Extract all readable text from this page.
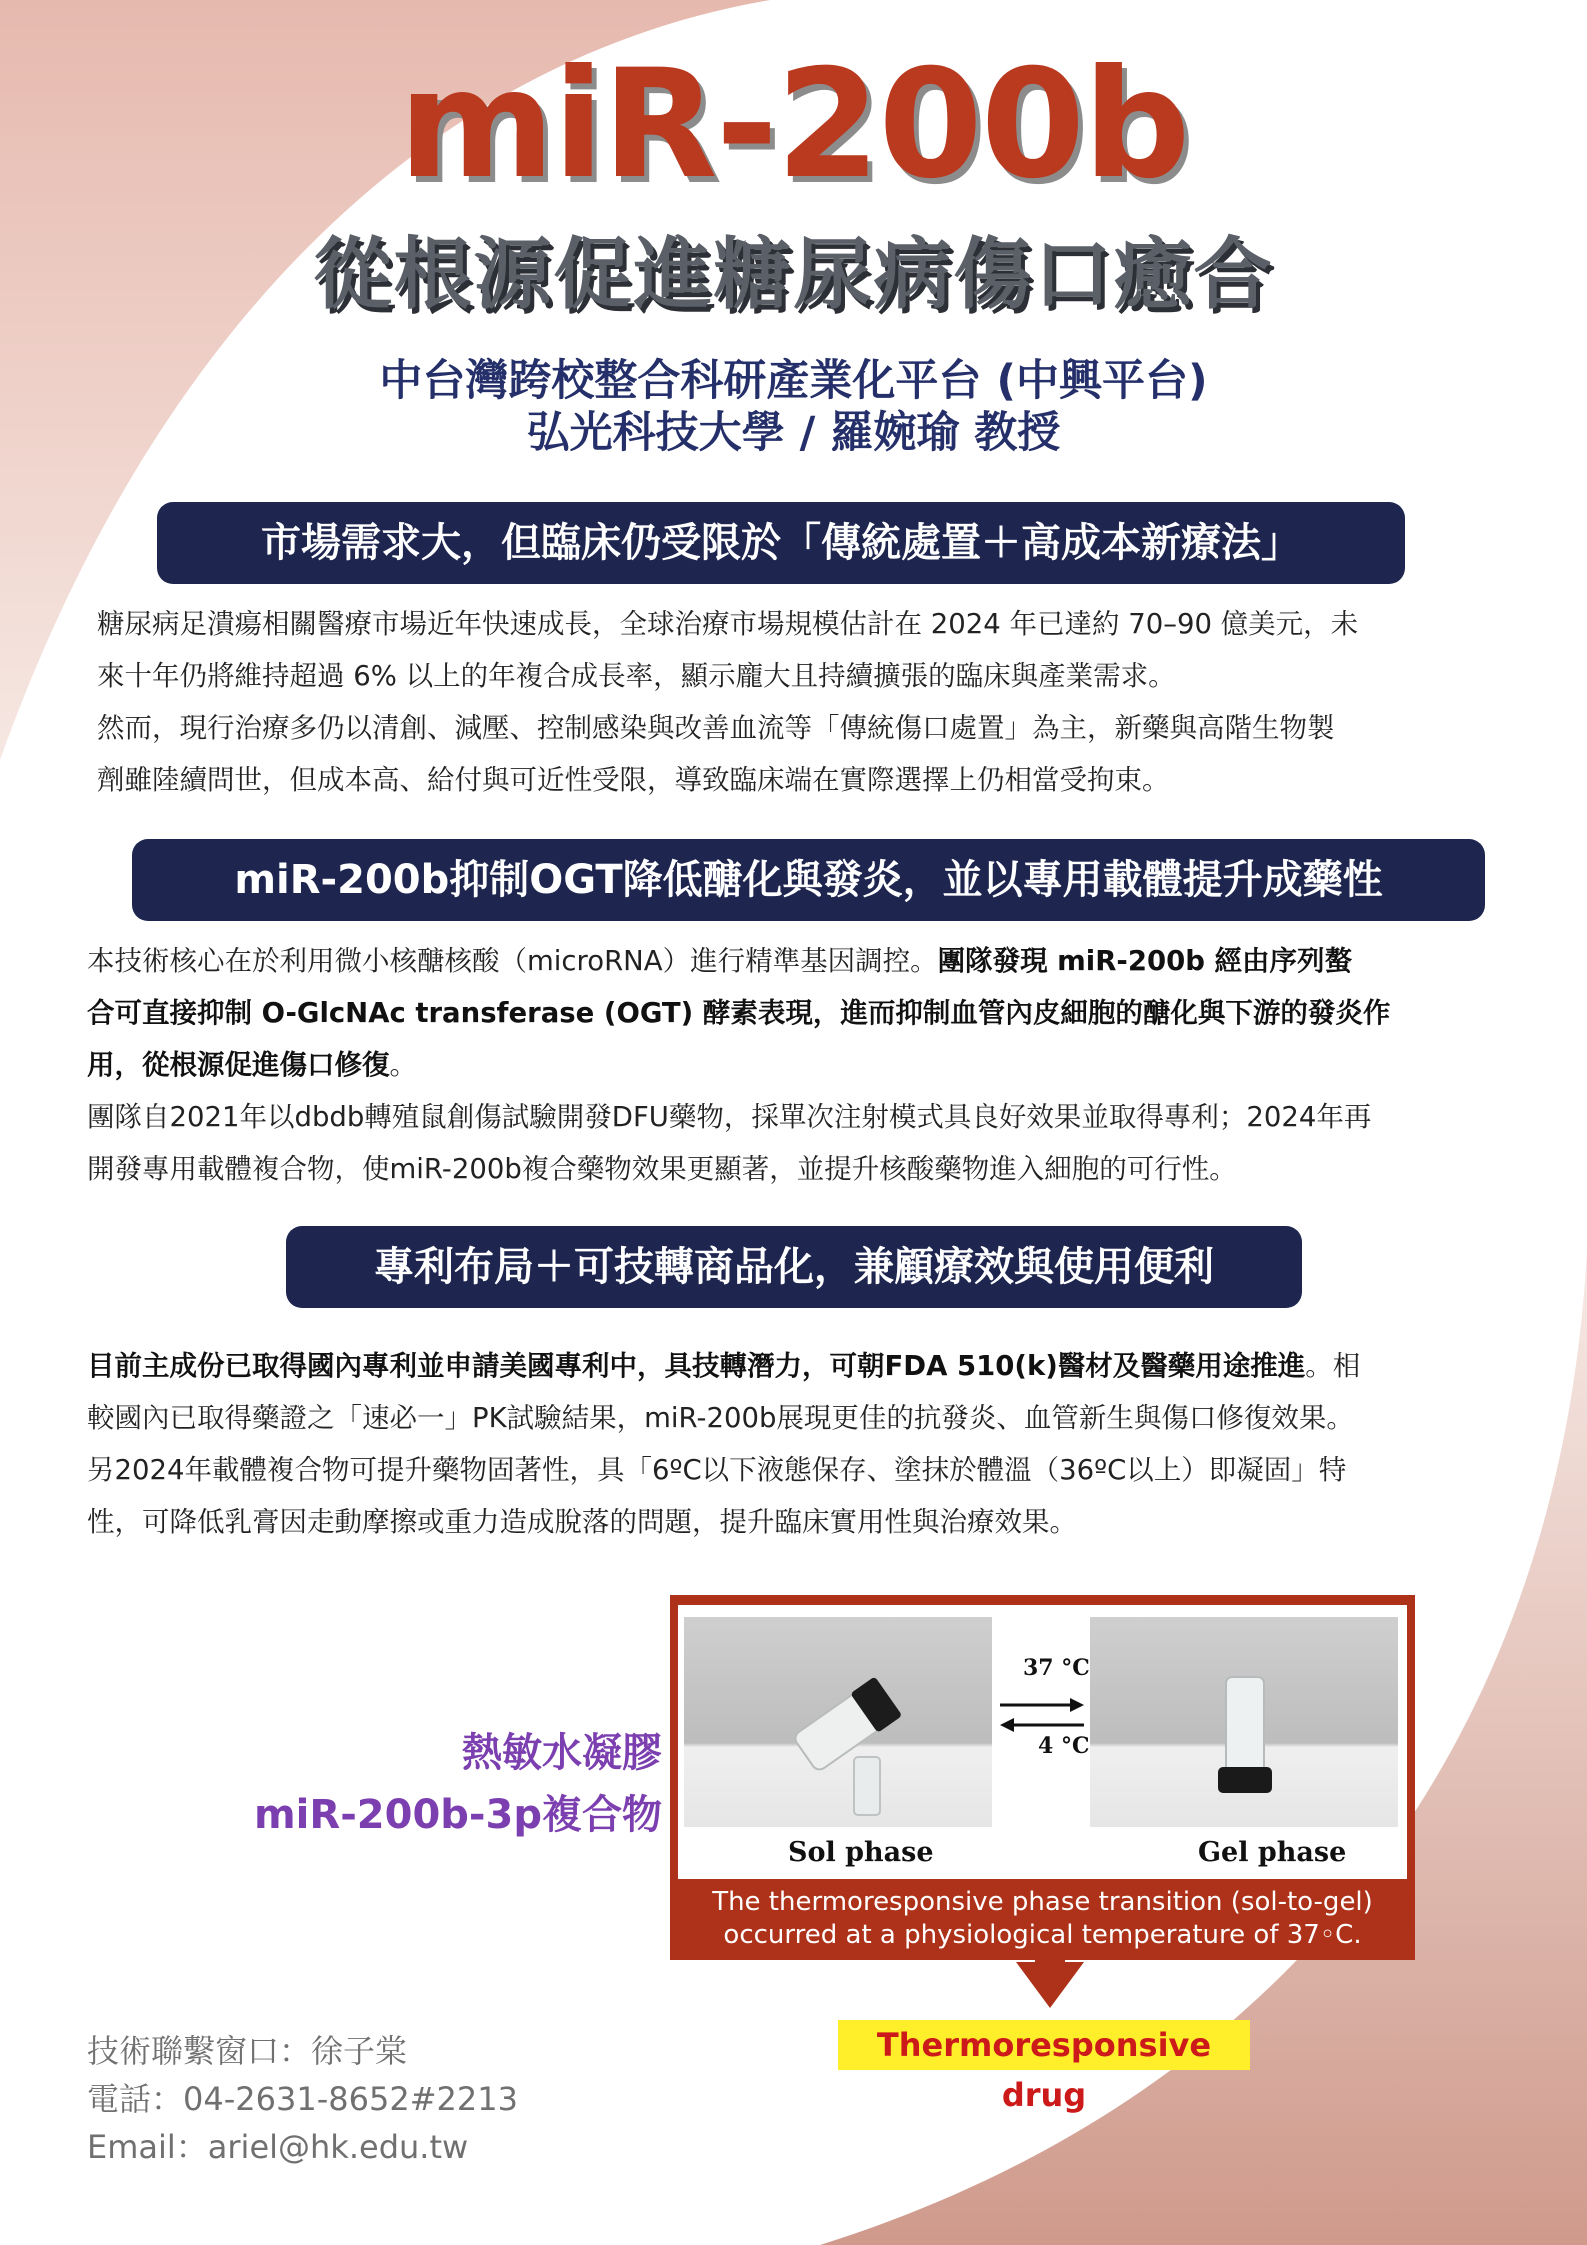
miR-200b
從根源促進糖尿病傷口癒合
中台灣跨校整合科研產業化平台 (中興平台)
弘光科技大學 / 羅婉瑜 教授
市場需求大，但臨床仍受限於「傳統處置＋高成本新療法」
糖尿病足潰瘍相關醫療市場近年快速成長，全球治療市場規模估計在 2024 年已達約 70–90 億美元，未
來十年仍將維持超過 6% 以上的年複合成長率，顯示龐大且持續擴張的臨床與產業需求。
然而，現行治療多仍以清創、減壓、控制感染與改善血流等「傳統傷口處置」為主，新藥與高階生物製
劑雖陸續問世，但成本高、給付與可近性受限，導致臨床端在實際選擇上仍相當受拘束。
miR-200b抑制OGT降低醣化與發炎，並以專用載體提升成藥性
本技術核心在於利用微小核醣核酸（microRNA）進行精準基因調控。團隊發現 miR-200b 經由序列螯
合可直接抑制 O-GlcNAc transferase (OGT) 酵素表現，進而抑制血管內皮細胞的醣化與下游的發炎作
用，從根源促進傷口修復。
團隊自2021年以dbdb轉殖鼠創傷試驗開發DFU藥物，採單次注射模式具良好效果並取得專利；2024年再
開發專用載體複合物，使miR-200b複合藥物效果更顯著，並提升核酸藥物進入細胞的可行性。
專利布局＋可技轉商品化，兼顧療效與使用便利
目前主成份已取得國內專利並申請美國專利中，具技轉潛力，可朝FDA 510(k)醫材及醫藥用途推進。相
較國內已取得藥證之「速必一」PK試驗結果，miR-200b展現更佳的抗發炎、血管新生與傷口修復效果。
另2024年載體複合物可提升藥物固著性，具「6ºC以下液態保存、塗抹於體溫（36ºC以上）即凝固」特
性，可降低乳膏因走動摩擦或重力造成脫落的問題，提升臨床實用性與治療效果。
熱敏水凝膠
miR-200b-3p複合物
37 °C
4 °C
Sol phase	Gel phase
The thermoresponsive phase transition (sol-to-gel)
occurred at a physiological temperature of 37◦C.
Thermoresponsive drug
技術聯繫窗口：徐子棠
電話：04-2631-8652#2213
Email：ariel@hk.edu.tw
